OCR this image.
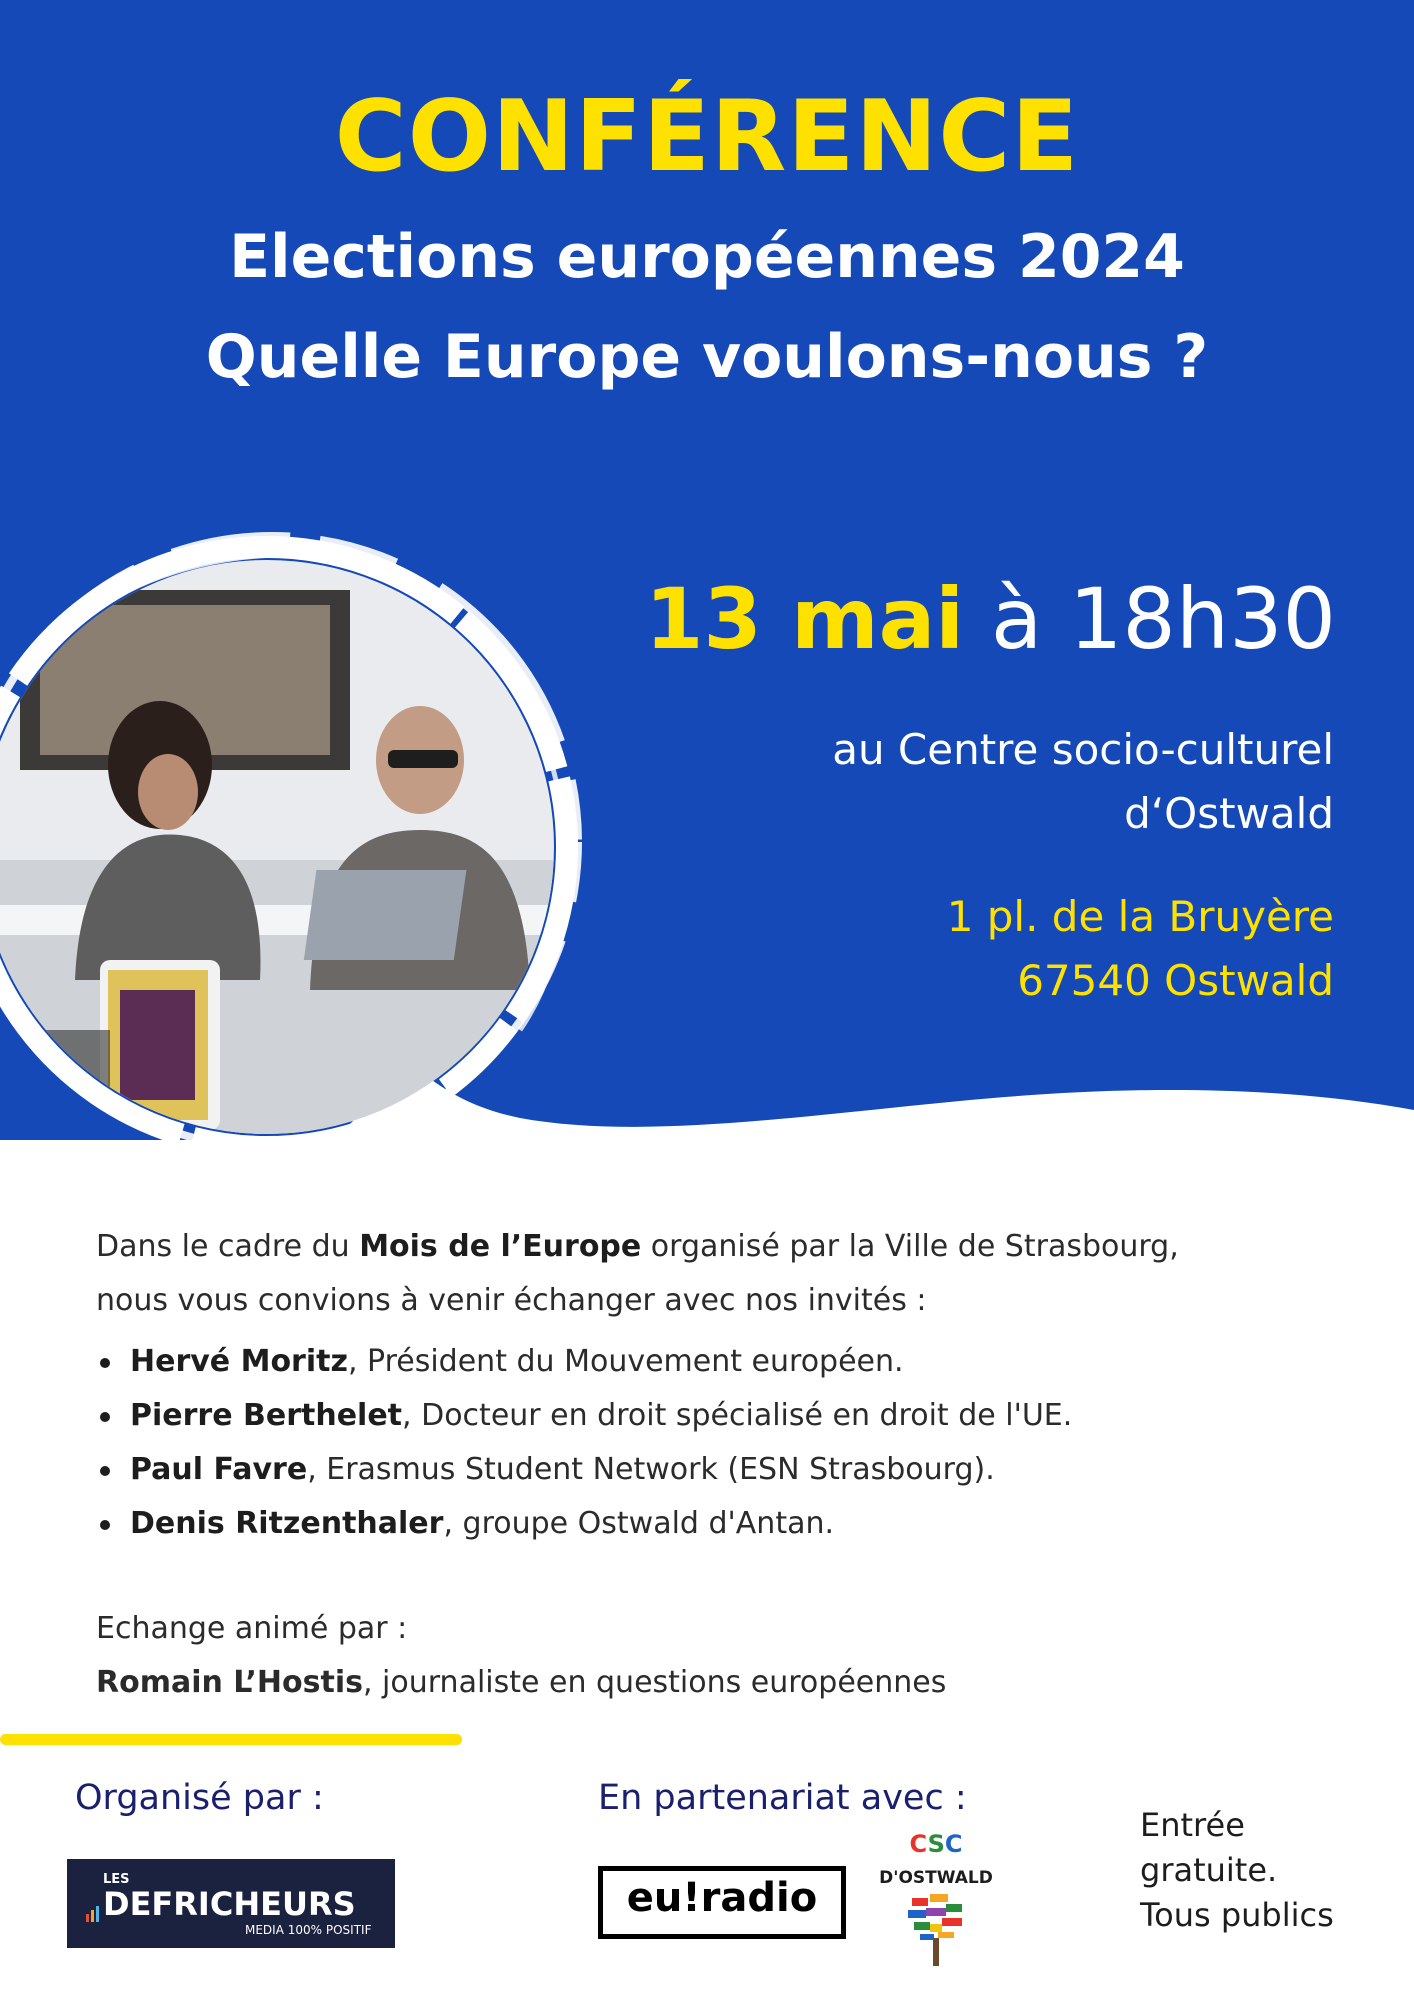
CONFÉRENCE
Elections européennes 2024
Quelle Europe voulons-nous ?
13 mai à 18h30
au Centre socio-culturel
d‘Ostwald
1 pl. de la Bruyère
67540 Ostwald
Dans le cadre du Mois de l’Europe organisé par la Ville de Strasbourg,
nous vous convions à venir échanger avec nos invités :
Hervé Moritz, Président du Mouvement européen.
Pierre Berthelet, Docteur en droit spécialisé en droit de l'UE.
Paul Favre, Erasmus Student Network (ESN Strasbourg).
Denis Ritzenthaler, groupe Ostwald d'Antan.
Echange animé par :
Romain L’Hostis, journaliste en questions européennes
Organisé par :	En partenariat avec :
LES
DEFRICHEURS
MEDIA 100% POSITIF
eu!radio
CSC
D'OSTWALD
Entrée
gratuite.
Tous publics
